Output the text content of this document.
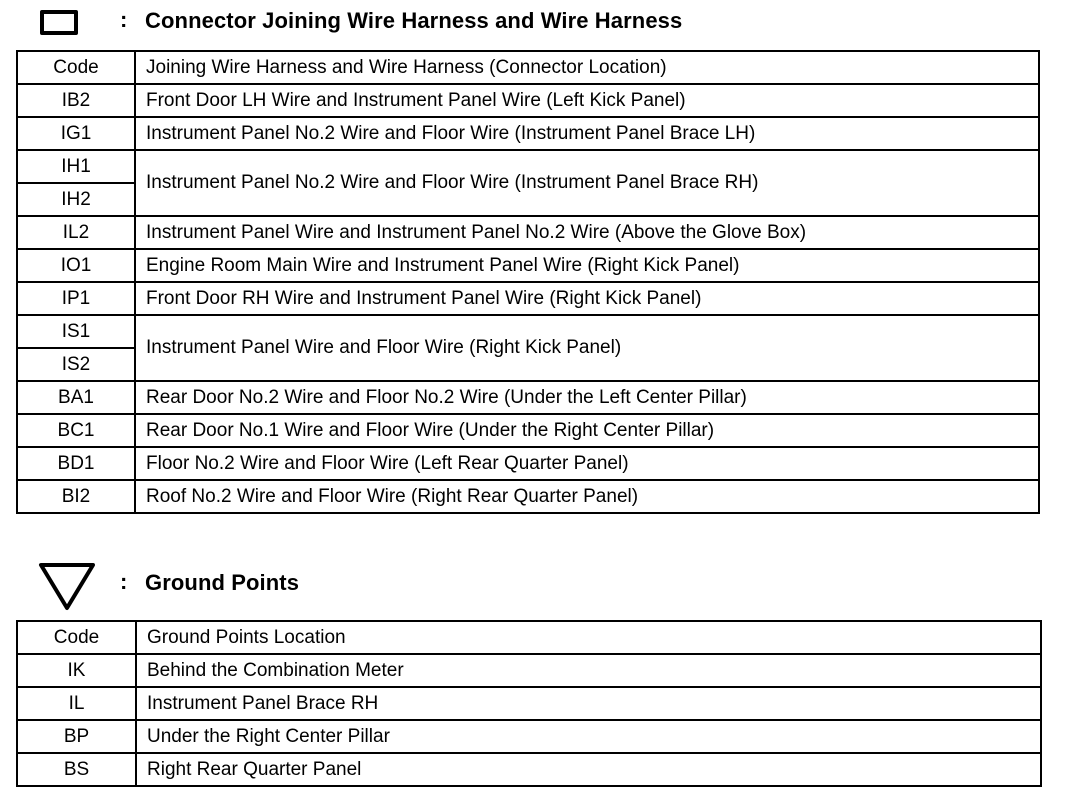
: Connector Joining Wire Harness and Wire Harness
Code	Joining Wire Harness and Wire Harness (Connector Location)
IB2	Front Door LH Wire and Instrument Panel Wire (Left Kick Panel)
IG1	Instrument Panel No.2 Wire and Floor Wire (Instrument Panel Brace LH)
IH1	Instrument Panel No.2 Wire and Floor Wire (Instrument Panel Brace RH)
IH2	
IL2	Instrument Panel Wire and Instrument Panel No.2 Wire (Above the Glove Box)
IO1	Engine Room Main Wire and Instrument Panel Wire (Right Kick Panel)
IP1	Front Door RH Wire and Instrument Panel Wire (Right Kick Panel)
IS1	Instrument Panel Wire and Floor Wire (Right Kick Panel)
IS2	
BA1	Rear Door No.2 Wire and Floor No.2 Wire (Under the Left Center Pillar)
BC1	Rear Door No.1 Wire and Floor Wire (Under the Right Center Pillar)
BD1	Floor No.2 Wire and Floor Wire (Left Rear Quarter Panel)
BI2	Roof No.2 Wire and Floor Wire (Right Rear Quarter Panel)
: Ground Points
Code	Ground Points Location
IK	Behind the Combination Meter
IL	Instrument Panel Brace RH
BP	Under the Right Center Pillar
BS	Right Rear Quarter Panel
